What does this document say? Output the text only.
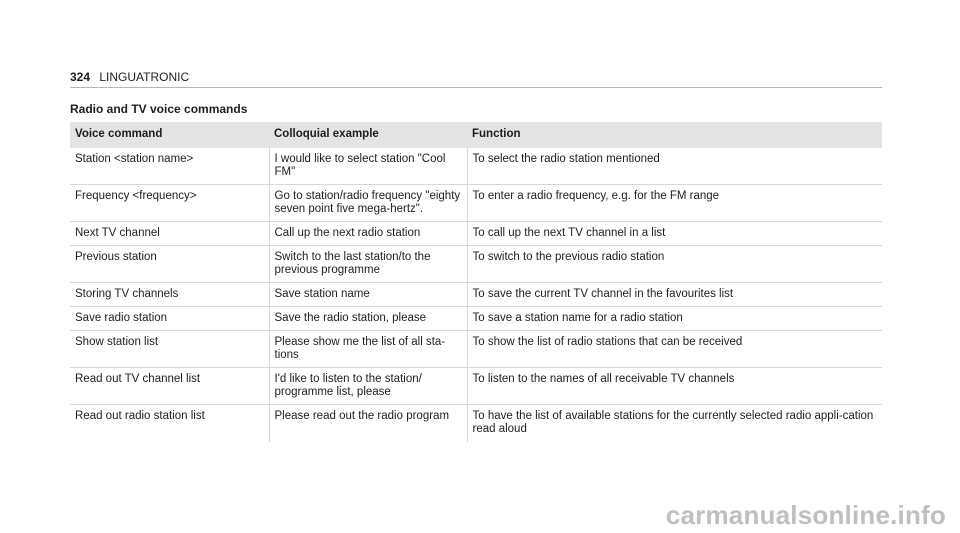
324 LINGUATRONIC
Radio and TV voice commands
Voice command	Colloquial example	Function
Station <station name>	I would like to select station "Cool FM"	To select the radio station mentioned
Frequency <frequency>	Go to station/radio frequency "eighty seven point five mega-hertz".	To enter a radio frequency, e.g. for the FM range
Next TV channel	Call up the next radio station	To call up the next TV channel in a list
Previous station	Switch to the last station/to the previous programme	To switch to the previous radio station
Storing TV channels	Save station name	To save the current TV channel in the favourites list
Save radio station	Save the radio station, please	To save a station name for a radio station
Show station list	Please show me the list of all sta-tions	To show the list of radio stations that can be received
Read out TV channel list	I'd like to listen to the station/ programme list, please	To listen to the names of all receivable TV channels
Read out radio station list	Please read out the radio program	To have the list of available stations for the currently selected radio appli-cation read aloud
carmanualsonline.info
